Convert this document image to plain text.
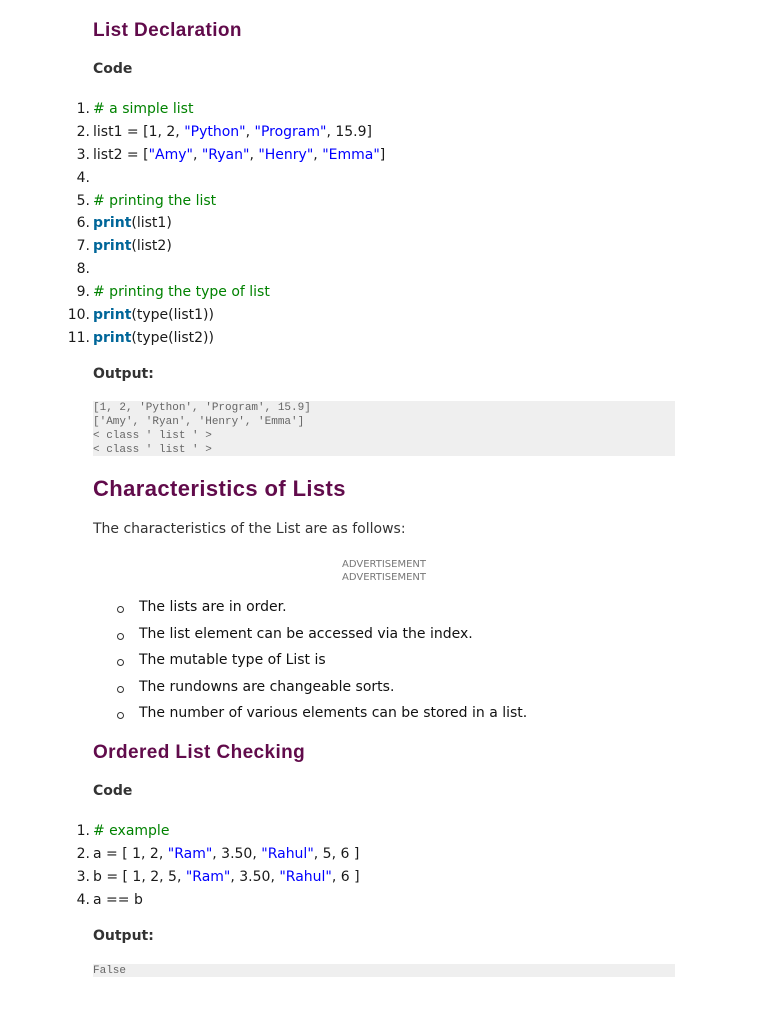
List Declaration
Code
1. # a simple list
2. list1 = [1, 2, "Python", "Program", 15.9]
3. list2 = ["Amy", "Ryan", "Henry", "Emma"]
4.
5. # printing the list
6. print(list1)
7. print(list2)
8.
9. # printing the type of list
10. print(type(list1))
11. print(type(list2))
Output:
[1, 2, 'Python', 'Program', 15.9]
['Amy', 'Ryan', 'Henry', 'Emma']
< class ' list ' >
< class ' list ' >
Characteristics of Lists
The characteristics of the List are as follows:
ADVERTISEMENT
ADVERTISEMENT
The lists are in order.
The list element can be accessed via the index.
The mutable type of List is
The rundowns are changeable sorts.
The number of various elements can be stored in a list.
Ordered List Checking
Code
1. # example
2. a = [ 1, 2, "Ram", 3.50, "Rahul", 5, 6 ]
3. b = [ 1, 2, 5, "Ram", 3.50, "Rahul", 6 ]
4. a == b
Output:
False
